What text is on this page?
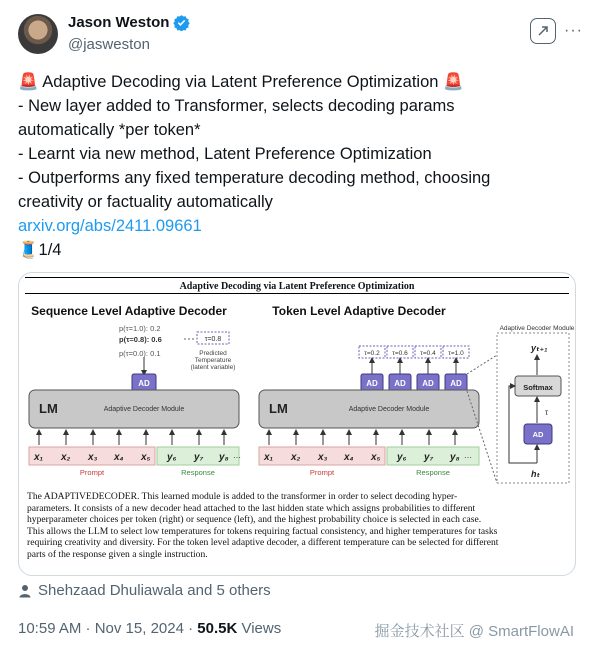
Jason Weston
@jasweston
···
🚨 Adaptive Decoding via Latent Preference Optimization 🚨
- New layer added to Transformer, selects decoding params
automatically *per token*
- Learnt via new method, Latent Preference Optimization
- Outperforms any fixed temperature decoding method, choosing
creativity or factuality automatically
arxiv.org/abs/2411.09661
🧵1/4
Adaptive Decoding via Latent Preference Optimization
Sequence Level Adaptive Decoder
p(τ=1.0): 0.2
p(τ=0.8): 0.6
p(τ=0.0): 0.1
τ=0.8
Predicted
Temperature
(latent variable)
AD
LM	Adaptive Decoder Module
x₁ x₂ x₃ x₄ x₅ y₆ y₇ y₈ ···
Prompt	Response
Token Level Adaptive Decoder
τ=0.2 τ=0.6 τ=0.4 τ=1.0
AD AD AD AD
LM	Adaptive Decoder Module
x₁ x₂ x₃ x₄ x₅ y₆ y₇ y₈ ···
Prompt	Response
Adaptive Decoder Module
yₜ₊₁
Softmax
τ
AD
hₜ
The ADAPTIVEDECODER. This learned module is added to the transformer in order to select decoding hyper-
parameters. It consists of a new decoder head attached to the last hidden state which assigns probabilities to different
hyperparameter choices per token (right) or sequence (left), and the highest probability choice is selected in each case.
This allows the LLM to select low temperatures for tokens requiring factual consistency, and higher temperatures for tasks
requiring creativity and diversity. For the token level adaptive decoder, a different temperature can be selected for different
parts of the response given a single instruction.
Shehzaad Dhuliawala and 5 others
10:59 AM · Nov 15, 2024 · 50.5K Views	掘金技术社区 @ SmartFlowAI
